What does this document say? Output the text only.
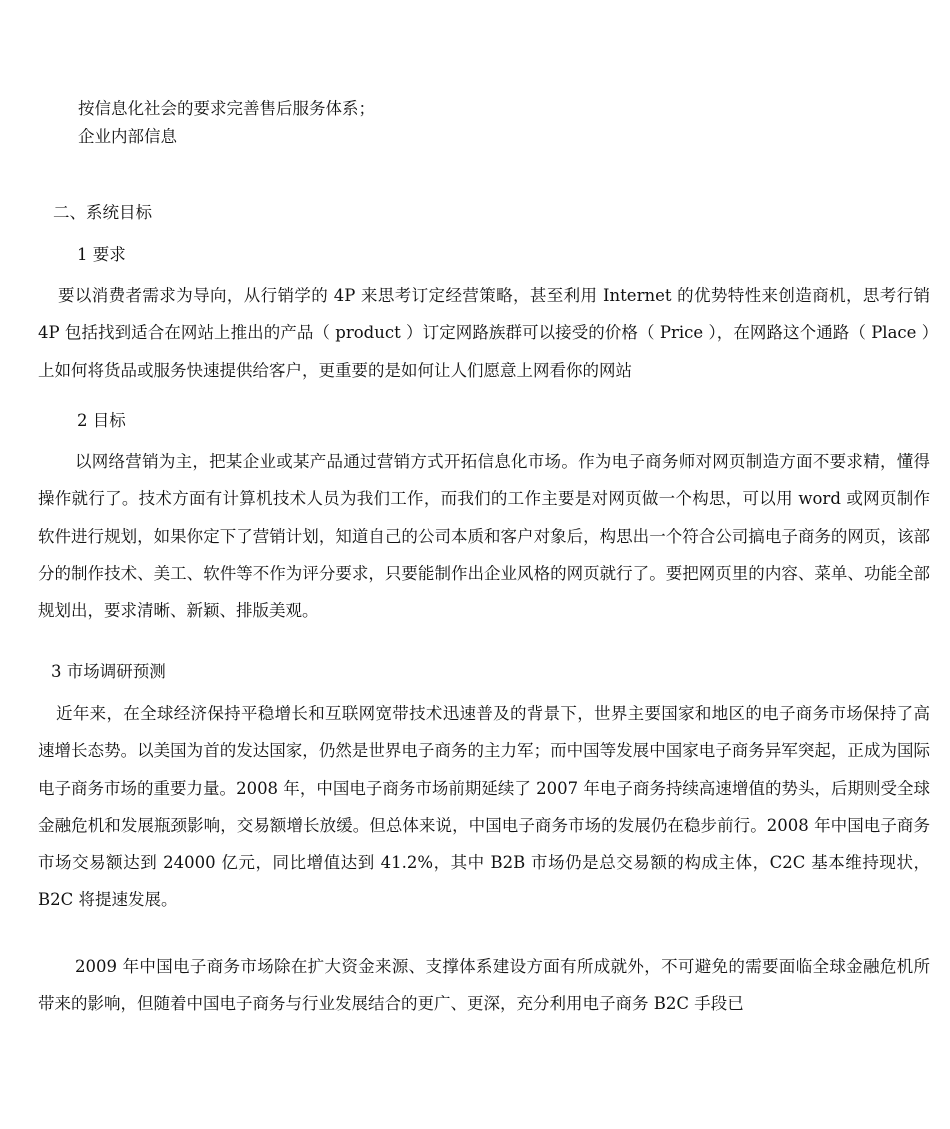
按信息化社会的要求完善售后服务体系；
企业内部信息
二、系统目标
1 要求

要以消费者需求为导向，从行销学的 4P 来思考订定经营策略，甚至利用 Internet 的优势特性来创造商机，思考行销 4P 包括找到适合在网站上推出的产品（ product ）订定网路族群可以接受的价格（ Price ），在网路这个通路（ Place ）上如何将货品或服务快速提供给客户，更重要的是如何让人们愿意上网看你的网站

2 目标

以网络营销为主，把某企业或某产品通过营销方式开拓信息化市场。作为电子商务师对网页制造方面不要求精，懂得操作就行了。技术方面有计算机技术人员为我们工作，而我们的工作主要是对网页做一个构思，可以用 word 或网页制作软件进行规划，如果你定下了营销计划，知道自己的公司本质和客户对象后，构思出一个符合公司搞电子商务的网页，该部分的制作技术、美工、软件等不作为评分要求，只要能制作出企业风格的网页就行了。要把网页里的内容、菜单、功能全部规划出，要求清晰、新颖、排版美观。

3 市场调研预测

近年来，在全球经济保持平稳增长和互联网宽带技术迅速普及的背景下，世界主要国家和地区的电子商务市场保持了高速增长态势。以美国为首的发达国家，仍然是世界电子商务的主力军；而中国等发展中国家电子商务异军突起，正成为国际电子商务市场的重要力量。2008 年，中国电子商务市场前期延续了 2007 年电子商务持续高速增值的势头，后期则受全球金融危机和发展瓶颈影响，交易额增长放缓。但总体来说，中国电子商务市场的发展仍在稳步前行。2008 年中国电子商务市场交易额达到 24000 亿元，同比增值达到 41.2%，其中 B2B 市场仍是总交易额的构成主体，C2C 基本维持现状，B2C 将提速发展。

2009 年中国电子商务市场除在扩大资金来源、支撑体系建设方面有所成就外，不可避免的需要面临全球金融危机所带来的影响，但随着中国电子商务与行业发展结合的更广、更深，充分利用电子商务 B2C 手段已
